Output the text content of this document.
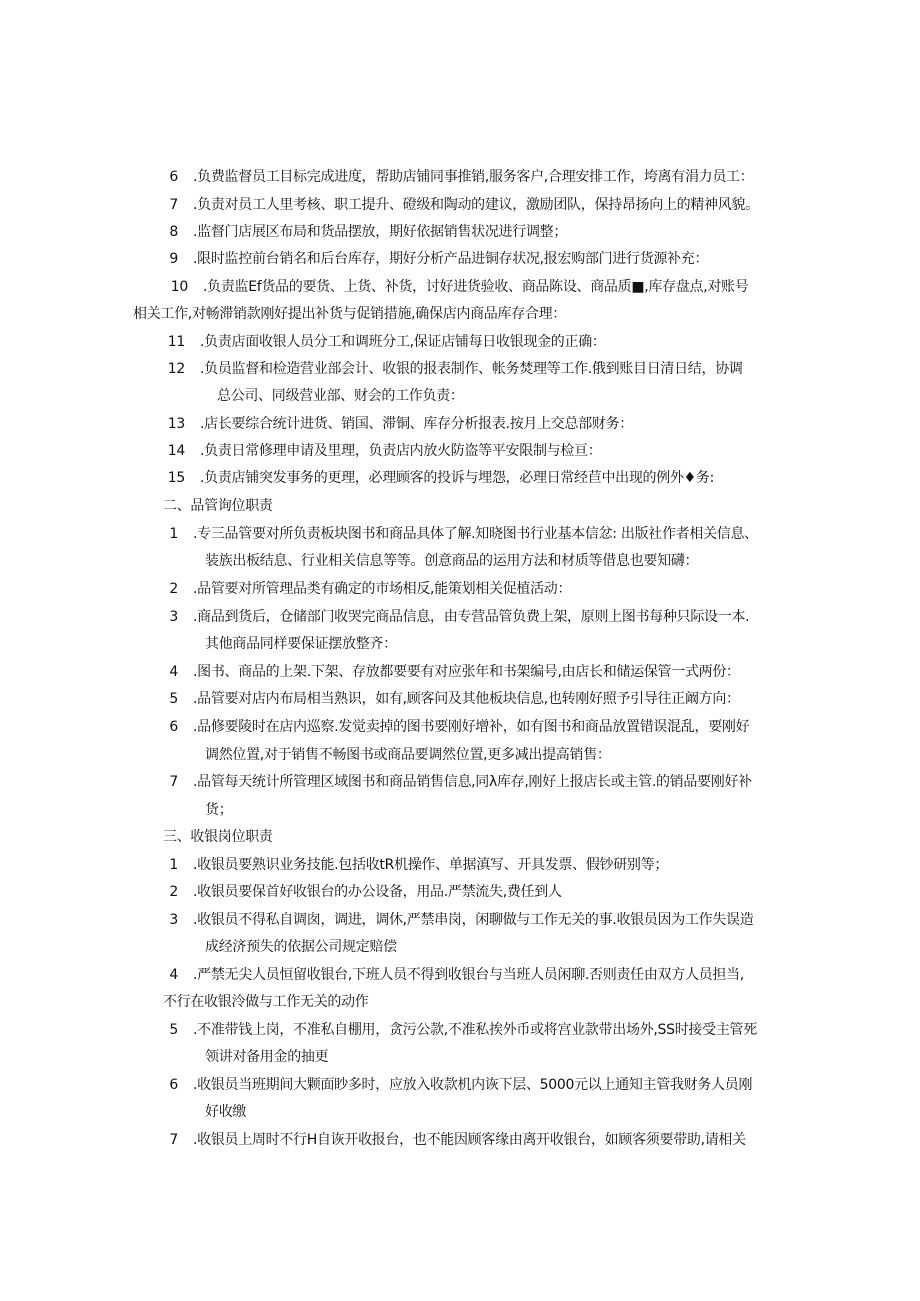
6 .负费监督员工目标完成进度，帮助店铺同事推销,服务客户,合理安排工作，垮离有涓力员工：
7 .负责对员工人里考核、职工提升、磴级和陶动的建议，激励团队，保持昂扬向上的精神风貌。
8 .监督门店展区布局和货品摆放，期好依据销售状况进行调整；
9 .限时监控前台销名和后台库存，期好分析产品进铜存状况,报宏购部门进行货源补充：
10 .负责监Ef货品的要货、上货、补货，讨好进货验收、商品陈设、商品质■,库存盘点,对账号
相关工作,对畅滞销款刚好提出补货与促销措施,确保店内商品库存合理：
11 .负责店面收银人员分工和调班分工,保证店铺每日收银现金的正确：
12 .负员监督和检造营业部会计、收银的报表制作、帐务焚理等工作.俄到账目日清日结，协调
总公司、同级营业部、财会的工作负责：
13 .店长要综合统计进货、销国、滞铜、库存分析报表.按月上交总部财务：
14 .负责日常修理申请及里理，负责店内放火防盗等平安限制与检亘：
15 .负责店铺突发事务的更理，必理顾客的投诉与埋怨，必理日常经苣中出现的例外♦务:
二、品管询位职责
1 .专三品管要对所负责板块图书和商品具体了解.知晓图书行业基本信忿: 出版社作者相关信息、
装族出板结息、行业相关信息等等。创意商品的运用方法和材质等借息也要知礴：
2 .品管要对所管理品类有确定的市场相反,能策划相关促植活动：
3 .商品到货后，仓储部门收哭完商品信息，由专营品管负费上架，原则上图书每种只际设一本.
其他商品同样要保证摆放整齐：
4 .图书、商品的上架.下架、存放都要要有对应张年和书架编号,由店长和储运保管一式两份：
5 .品管要对店内布局相当熟识，如有,顾客问及其他板块信息,也转刚好照予引导往正阚方向：
6 .品修要陵时在店内巡察.发觉卖掉的图书要刚好增补，如有图书和商品放置错误混乱，要刚好
调然位置,对于销售不畅图书或商品要调然位置,更多减出提高销售：
7 .品管每天统计所管理区域图书和商品销售信息,同λ库存,刚好上报店长或主管.的销品要刚好补
货；
三、收银岗位职责
1 .收银员要熟识业务技能.包括收tR机操作、单据滇写、开具发票、假钞研别等；
2 .收银员要保首好收银台的办公设备，用品.严禁流失,费任到人
3 .收银员不得私自调囱，调进，调休,严禁串岗，闲聊做与工作无关的事.收银员因为工作失误造
成经济预失的依据公司规定赔偿
4 .严禁无尖人员恒留收银台,下班人员不得到收银台与当班人员闲聊.否则责任由双方人员担当,
不行在收银泠做与工作无关的动作
5 .不准带钱上岗，不准私自棚用，贪污公款,不准私挨外币或将宫业款带出场外,SS时接受主管死
领讲对备用金的抽更
6 .收银员当班期间大颗面眇多时，应放入收款机内诙下层、5000元以上通知主管我财务人员刚
好收缴
7 .收银员上周时不行H自诙开收报台，也不能因顾客缘由离开收银台，如顾客须要带助,请相关
